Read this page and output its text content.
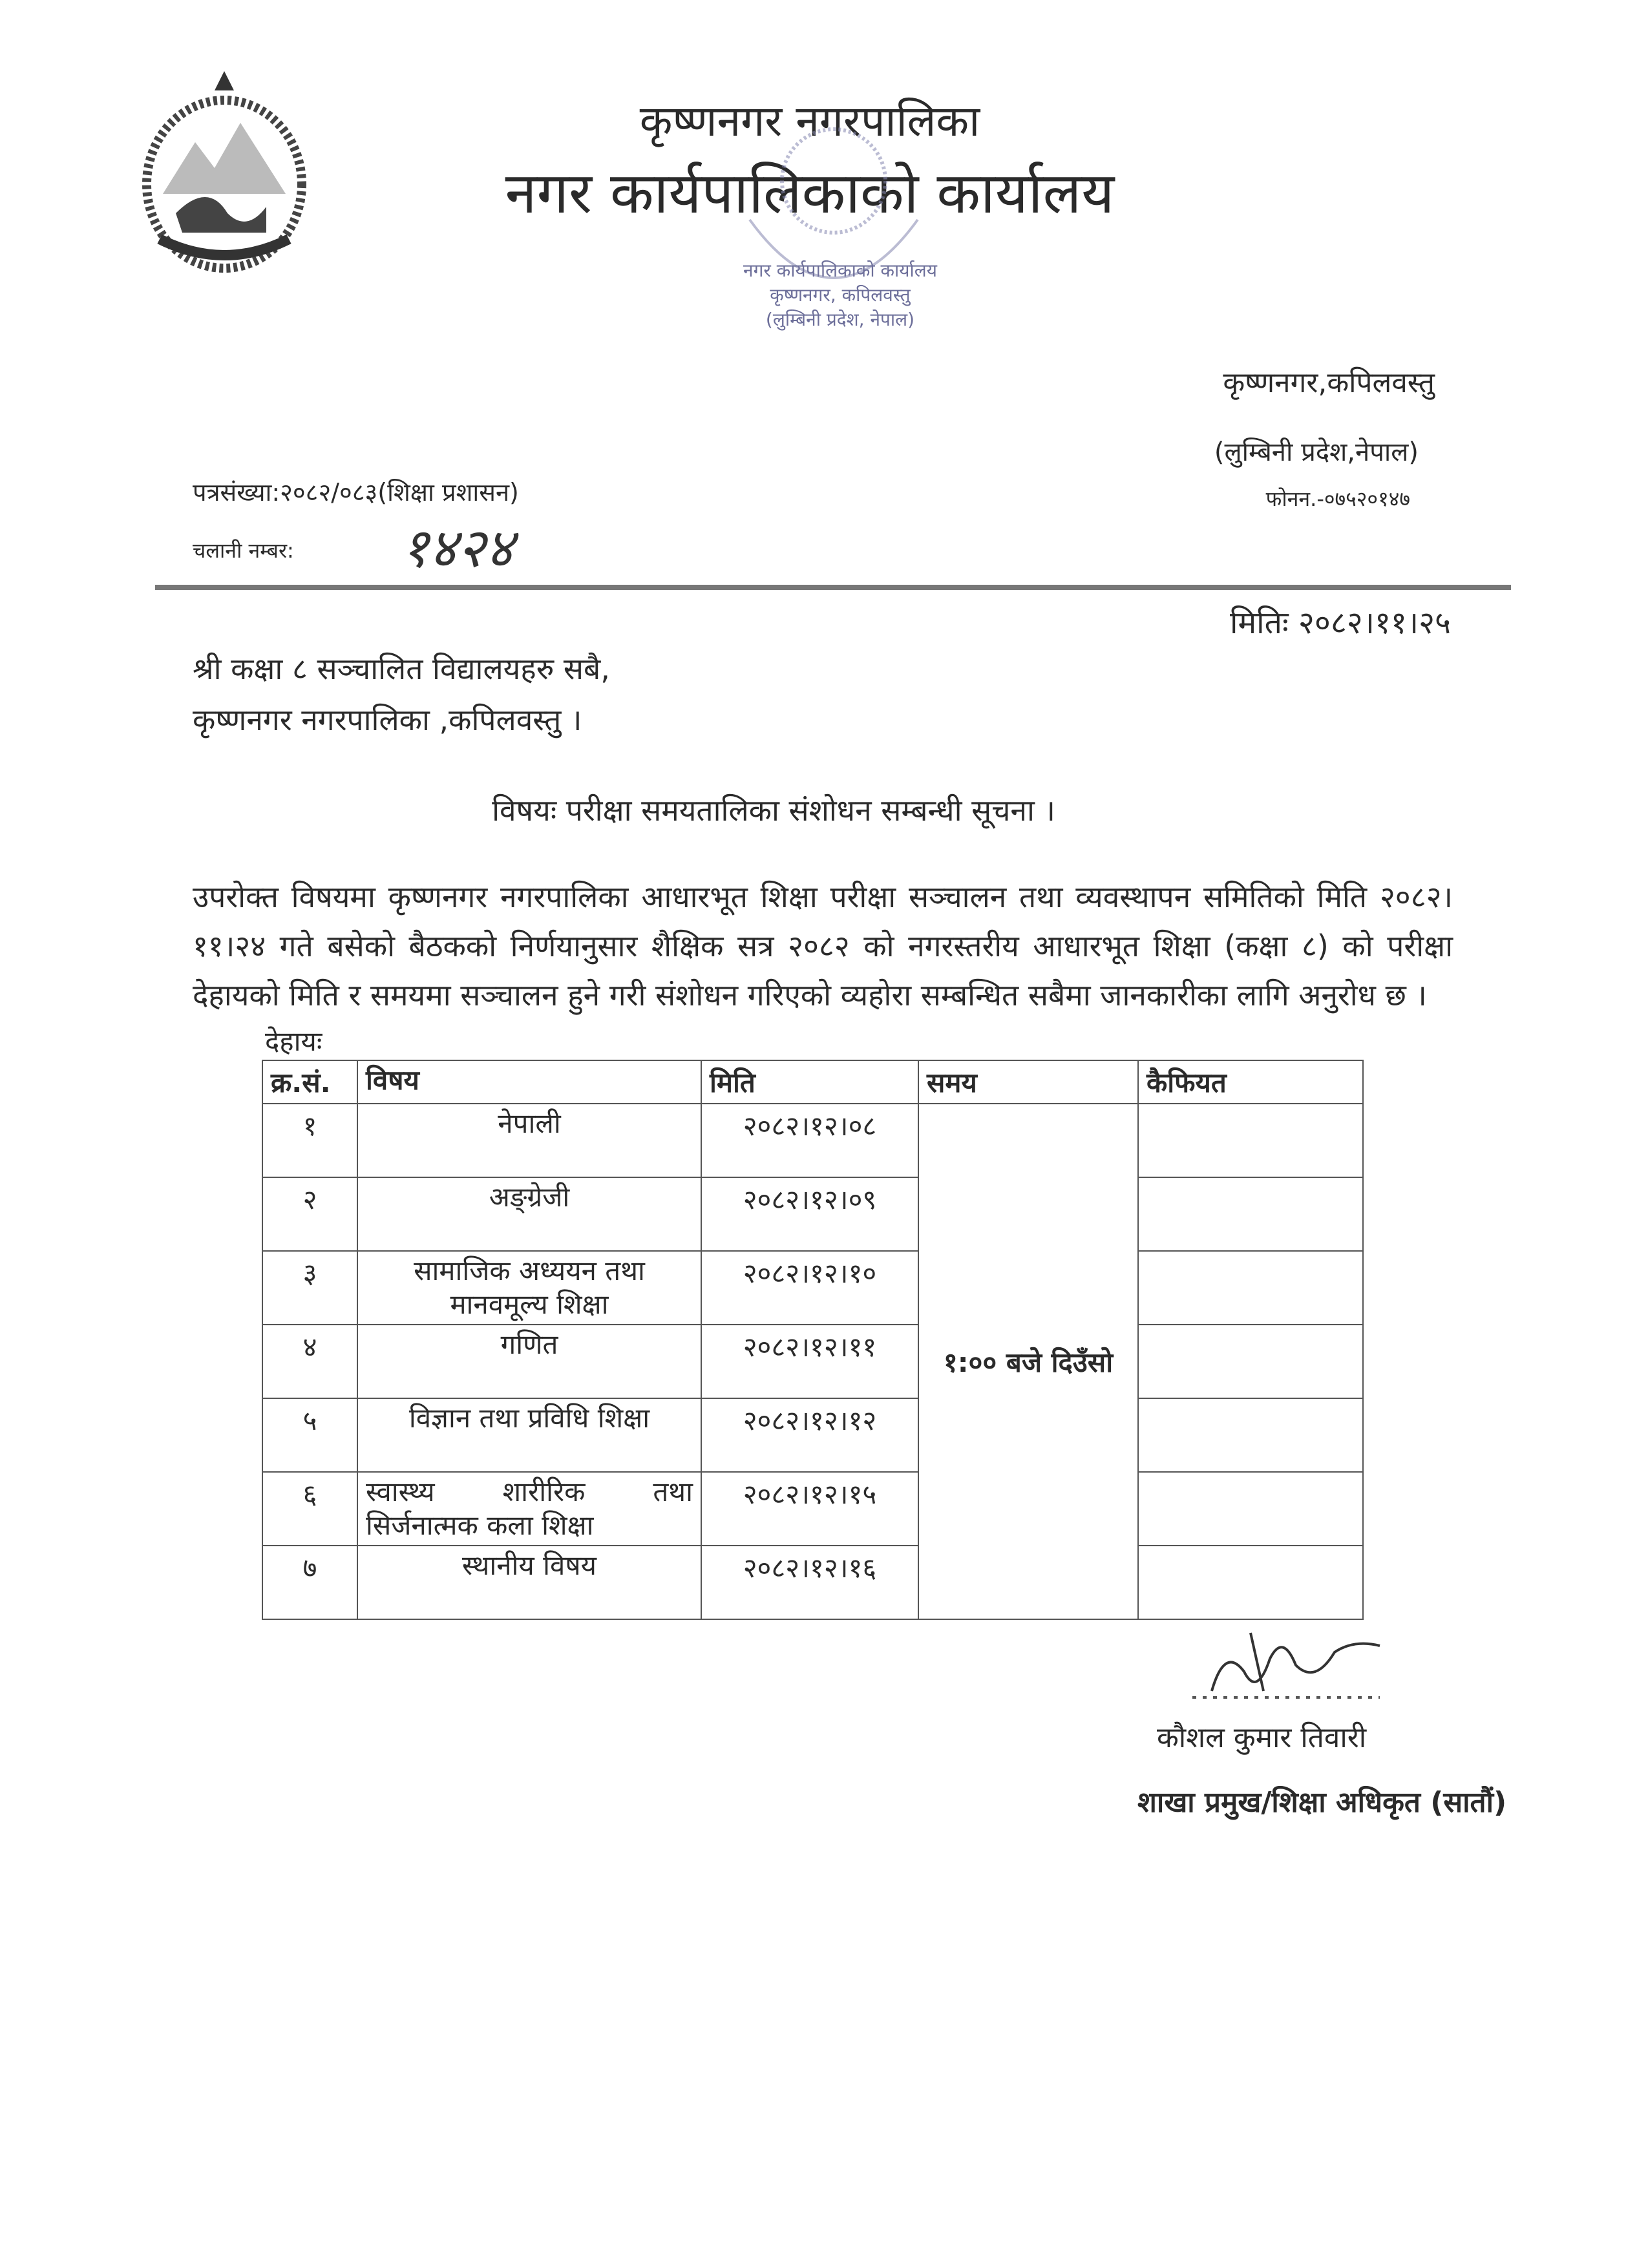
कृष्णनगर नगरपालिका
नगर कार्यपालिकाको कार्यालय
नगर कार्यपालिकाको कार्यालय
कृष्णनगर, कपिलवस्तु
(लुम्बिनी प्रदेश, नेपाल)
कृष्णनगर,कपिलवस्तु
(लुम्बिनी प्रदेश,नेपाल)
फोनन.-०७५२०१४७
पत्रसंख्या:२०८२/०८३(शिक्षा प्रशासन)
चलानी नम्बर: १४२४
मितिः २०८२।११।२५
श्री कक्षा ८ सञ्चालित विद्यालयहरु सबै,
कृष्णनगर नगरपालिका ,कपिलवस्तु ।
विषयः परीक्षा समयतालिका संशोधन सम्बन्धी सूचना ।
उपरोक्त विषयमा कृष्णनगर नगरपालिका आधारभूत शिक्षा परीक्षा सञ्चालन तथा व्यवस्थापन समितिको मिति २०८२।११।२४ गते बसेको बैठकको निर्णयानुसार शैक्षिक सत्र २०८२ को नगरस्तरीय आधारभूत शिक्षा (कक्षा ८) को परीक्षा देहायको मिति र समयमा सञ्चालन हुने गरी संशोधन गरिएको व्यहोरा सम्बन्धित सबैमा जानकारीका लागि अनुरोध छ ।
देहायः
क्र.सं.	विषय	मिति	समय	कैफियत
१	नेपाली	२०८२।१२।०८	१:०० बजे दिउँसो	
२	अङ्ग्रेजी	२०८२।१२।०९		
३	सामाजिक अध्ययन तथा मानवमूल्य शिक्षा	२०८२।१२।१०		
४	गणित	२०८२।१२।११		
५	विज्ञान तथा प्रविधि शिक्षा	२०८२।१२।१२		
६	स्वास्थ्य शारीरिक तथा सिर्जनात्मक कला शिक्षा	२०८२।१२।१५		
७	स्थानीय विषय	२०८२।१२।१६		
कौशल कुमार तिवारी
शाखा प्रमुख/शिक्षा अधिकृत (सातौं)
